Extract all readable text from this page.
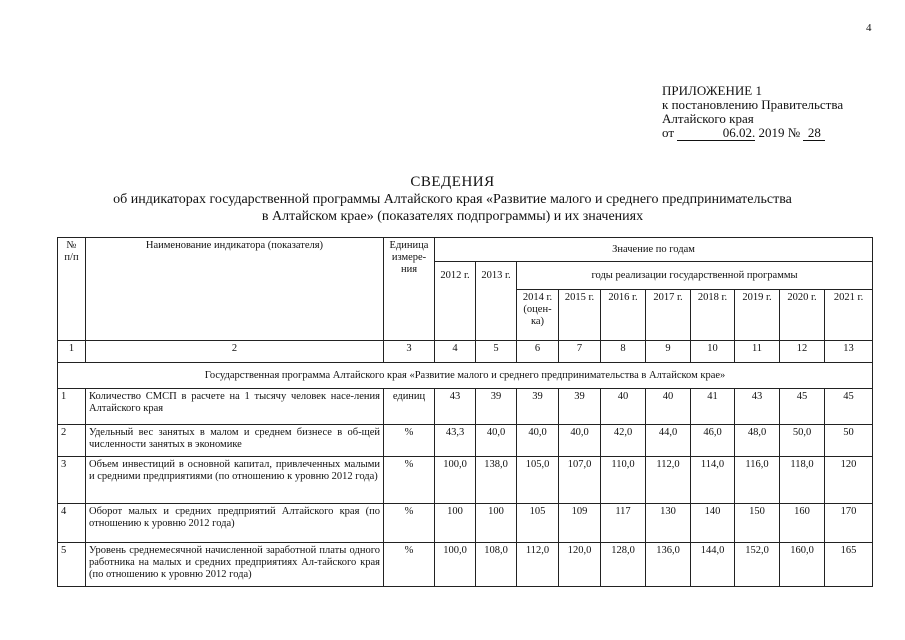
4
ПРИЛОЖЕНИЕ 1
к постановлению Правительства
Алтайского края
от	06.02. 2019 № 28
СВЕДЕНИЯ
об индикаторах государственной программы Алтайского края «Развитие малого и среднего предпринимательства
в Алтайском крае» (показателях подпрограммы) и их значениях
№ п/п	Наименование индикатора (показателя)	Единица измере-ния	Значение по годам									
			2012 г.	2013 г.	годы реализации государственной программы							
					2014 г. (оцен-ка)	2015 г.	2016 г.	2017 г.	2018 г.	2019 г.	2020 г.	2021 г.
1	2	3	4	5	6	7	8	9	10	11	12	13
Государственная программа Алтайского края «Развитие малого и среднего предпринимательства в Алтайском крае»												
1	Количество СМСП в расчете на 1 тысячу человек насе-ления Алтайского края	единиц	43	39	39	39	40	40	41	43	45	45
2	Удельный вес занятых в малом и среднем бизнесе в об-щей численности занятых в экономике	%	43,3	40,0	40,0	40,0	42,0	44,0	46,0	48,0	50,0	50
3	Объем инвестиций в основной капитал, привлеченных малыми и средними предприятиями (по отношению к уровню 2012 года)	%	100,0	138,0	105,0	107,0	110,0	112,0	114,0	116,0	118,0	120
4	Оборот малых и средних предприятий Алтайского края (по отношению к уровню 2012 года)	%	100	100	105	109	117	130	140	150	160	170
5	Уровень среднемесячной начисленной заработной платы одного работника на малых и средних предприятиях Ал-тайского края (по отношению к уровню 2012 года)	%	100,0	108,0	112,0	120,0	128,0	136,0	144,0	152,0	160,0	165
